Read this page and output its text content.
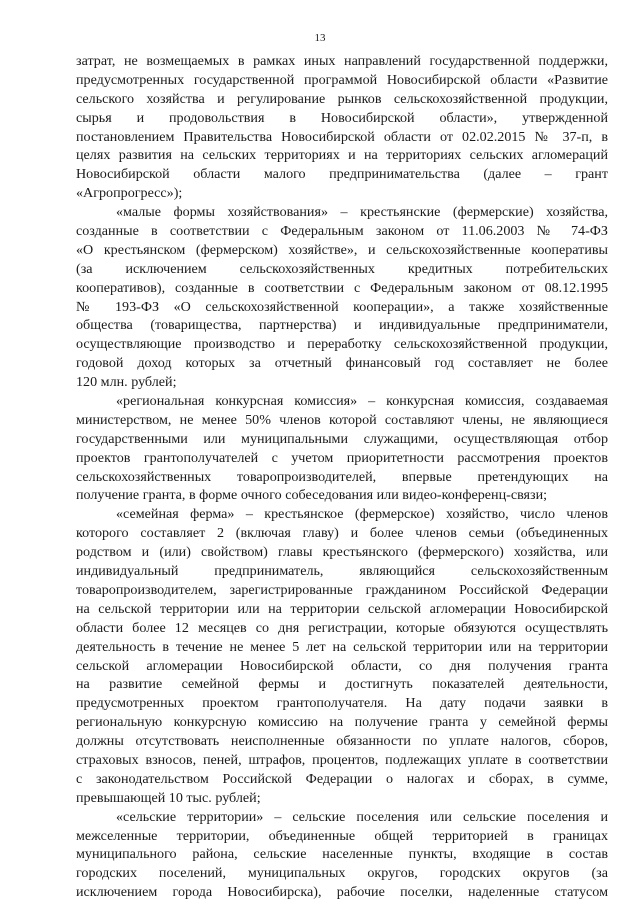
13
затрат, не возмещаемых в рамках иных направлений государственной поддержки,
предусмотренных государственной программой Новосибирской области «Развитие
сельского хозяйства и регулирование рынков сельскохозяйственной продукции,
сырья и продовольствия в Новосибирской области», утвержденной
постановлением Правительства Новосибирской области от 02.02.2015 № 37-п, в
целях развития на сельских территориях и на территориях сельских агломераций
Новосибирской области малого предпринимательства (далее – грант
«Агропрогресс»);
«малые формы хозяйствования» – крестьянские (фермерские) хозяйства,
созданные в соответствии с Федеральным законом от 11.06.2003 № 74-ФЗ
«О крестьянском (фермерском) хозяйстве», и сельскохозяйственные кооперативы
(за исключением сельскохозяйственных кредитных потребительских
кооперативов), созданные в соответствии с Федеральным законом от 08.12.1995
№ 193-ФЗ «О сельскохозяйственной кооперации», а также хозяйственные
общества (товарищества, партнерства) и индивидуальные предприниматели,
осуществляющие производство и переработку сельскохозяйственной продукции,
годовой доход которых за отчетный финансовый год составляет не более
120 млн. рублей;
«региональная конкурсная комиссия» – конкурсная комиссия, создаваемая
министерством, не менее 50% членов которой составляют члены, не являющиеся
государственными или муниципальными служащими, осуществляющая отбор
проектов грантополучателей с учетом приоритетности рассмотрения проектов
сельскохозяйственных товаропроизводителей, впервые претендующих на
получение гранта, в форме очного собеседования или видео-конференц-связи;
«семейная ферма» – крестьянское (фермерское) хозяйство, число членов
которого составляет 2 (включая главу) и более членов семьи (объединенных
родством и (или) свойством) главы крестьянского (фермерского) хозяйства, или
индивидуальный предприниматель, являющийся сельскохозяйственным
товаропроизводителем, зарегистрированные гражданином Российской Федерации
на сельской территории или на территории сельской агломерации Новосибирской
области более 12 месяцев со дня регистрации, которые обязуются осуществлять
деятельность в течение не менее 5 лет на сельской территории или на территории
сельской агломерации Новосибирской области, со дня получения гранта
на развитие семейной фермы и достигнуть показателей деятельности,
предусмотренных проектом грантополучателя. На дату подачи заявки в
региональную конкурсную комиссию на получение гранта у семейной фермы
должны отсутствовать неисполненные обязанности по уплате налогов, сборов,
страховых взносов, пеней, штрафов, процентов, подлежащих уплате в соответствии
с законодательством Российской Федерации о налогах и сборах, в сумме,
превышающей 10 тыс. рублей;
«сельские территории» – сельские поселения или сельские поселения и
межселенные территории, объединенные общей территорией в границах
муниципального района, сельские населенные пункты, входящие в состав
городских поселений, муниципальных округов, городских округов (за
исключением города Новосибирска), рабочие поселки, наделенные статусом
